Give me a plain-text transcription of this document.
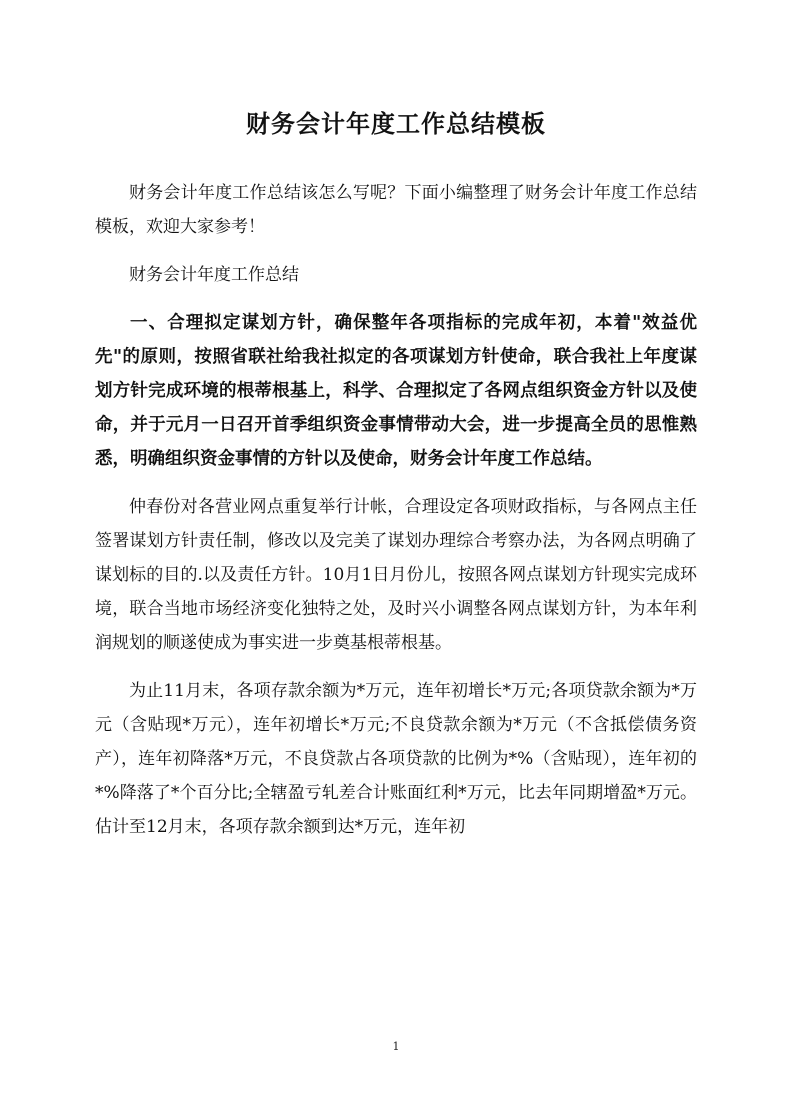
财务会计年度工作总结模板

财务会计年度工作总结该怎么写呢？下面小编整理了财务会计年度工作总结模板，欢迎大家参考！

财务会计年度工作总结

一、合理拟定谋划方针，确保整年各项指标的完成年初，本着"效益优先"的原则，按照省联社给我社拟定的各项谋划方针使命，联合我社上年度谋划方针完成环境的根蒂根基上，科学、合理拟定了各网点组织资金方针以及使命，并于元月一日召开首季组织资金事情带动大会，进一步提高全员的思惟熟悉，明确组织资金事情的方针以及使命，财务会计年度工作总结。

仲春份对各营业网点重复举行计帐，合理设定各项财政指标，与各网点主任签署谋划方针责任制，修改以及完美了谋划办理综合考察办法，为各网点明确了谋划标的目的.以及责任方针。10月1日月份儿，按照各网点谋划方针现实完成环境，联合当地市场经济变化独特之处，及时兴小调整各网点谋划方针，为本年利润规划的顺遂使成为事实进一步奠基根蒂根基。

为止11月末，各项存款余额为*万元，连年初增长*万元;各项贷款余额为*万元（含贴现*万元），连年初增长*万元;不良贷款余额为*万元（不含抵偿债务资产），连年初降落*万元，不良贷款占各项贷款的比例为*%（含贴现），连年初的*%降落了*个百分比;全辖盈亏轧差合计账面红利*万元，比去年同期增盈*万元。估计至12月末，各项存款余额到达*万元，连年初

1
